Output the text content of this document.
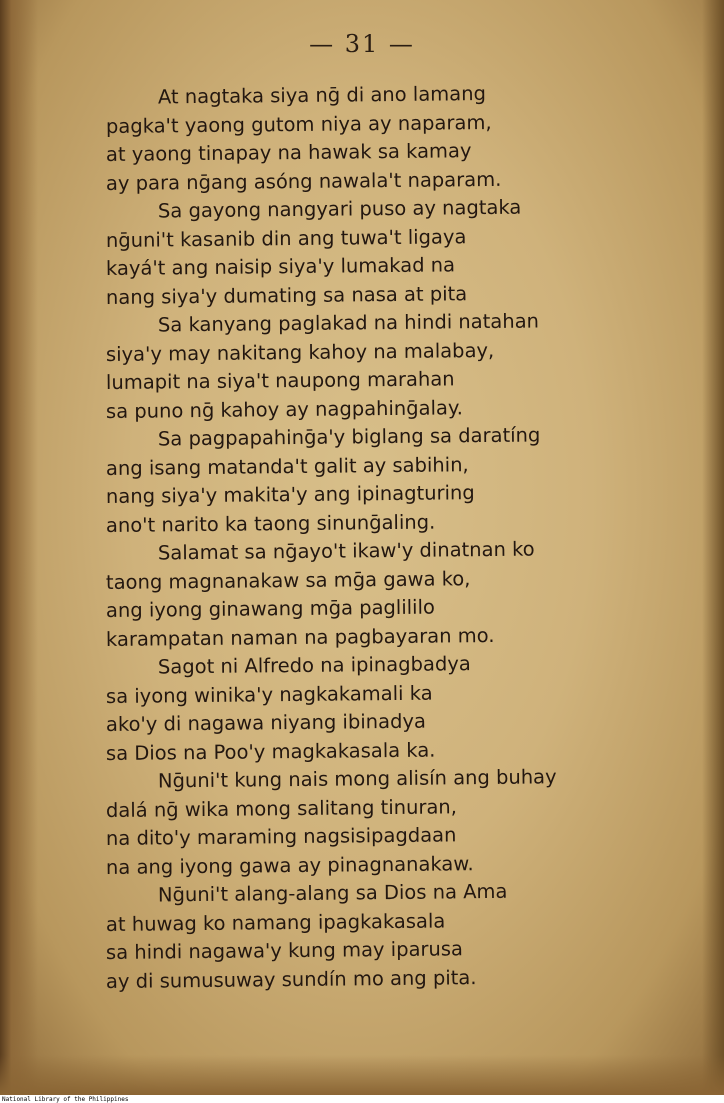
— 31 —
At nagtaka siya nḡ di ano lamang
pagka't yaong gutom niya ay naparam,
at yaong tinapay na hawak sa kamay
ay para nḡang asóng nawala't naparam.
Sa gayong nangyari puso ay nagtaka
nḡuni't kasanib din ang tuwa't ligaya
kayá't ang naisip siya'y lumakad na
nang siya'y dumating sa nasa at pita
Sa kanyang paglakad na hindi natahan
siya'y may nakitang kahoy na malabay,
lumapit na siya't naupong marahan
sa puno nḡ kahoy ay nagpahinḡalay.
Sa pagpapahinḡa'y biglang sa daratíng
ang isang matanda't galit ay sabihin,
nang siya'y makita'y ang ipinagturing
ano't narito ka taong sinunḡaling.
Salamat sa nḡayo't ikaw'y dinatnan ko
taong magnanakaw sa mḡa gawa ko,
ang iyong ginawang mḡa paglililo
karampatan naman na pagbayaran mo.
Sagot ni Alfredo na ipinagbadya
sa iyong winika'y nagkakamali ka
ako'y di nagawa niyang ibinadya
sa Dios na Poo'y magkakasala ka.
Nḡuni't kung nais mong alisín ang buhay
dalá nḡ wika mong salitang tinuran,
na dito'y maraming nagsisipagdaan
na ang iyong gawa ay pinagnanakaw.
Nḡuni't alang-alang sa Dios na Ama
at huwag ko namang ipagkakasala
sa hindi nagawa'y kung may iparusa
ay di sumusuway sundín mo ang pita.
National Library of the Philippines
